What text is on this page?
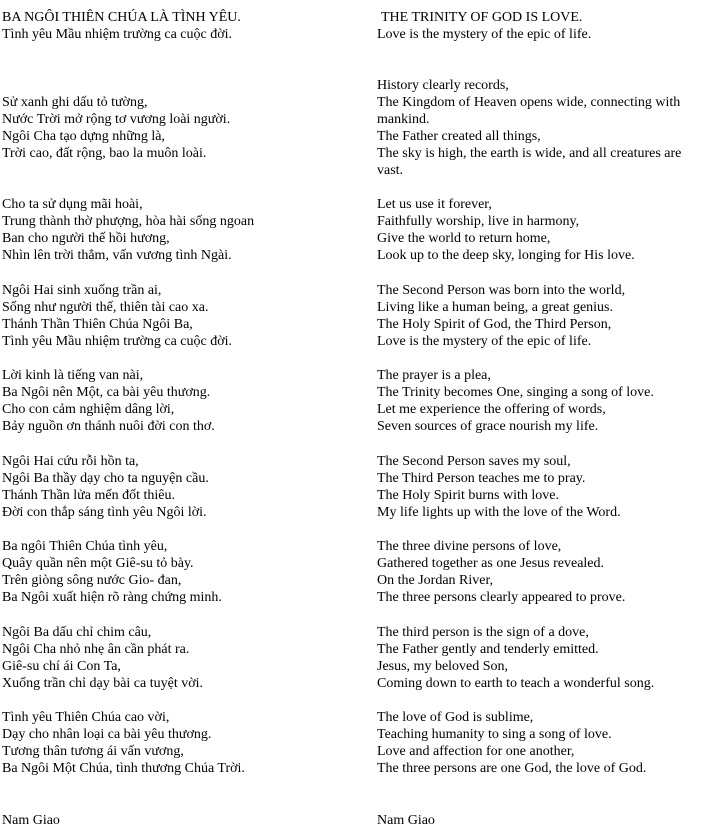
BA NGÔI THIÊN CHÚA LÀ TÌNH YÊU.
Tình yêu Mầu nhiệm trường ca cuộc đời.
Sử xanh ghi dấu tỏ tường,
Nước Trời mở rộng tơ vương loài người.
Ngôi Cha tạo dựng những là,
Trời cao, đất rộng, bao la muôn loài.
Cho ta sử dụng mãi hoài,
Trung thành thờ phượng, hòa hài sống ngoan
Ban cho người thế hồi hương,
Nhìn lên trời thẳm, vấn vương tình Ngài.
Ngôi Hai sinh xuống trần ai,
Sống như người thế, thiên tài cao xa.
Thánh Thần Thiên Chúa Ngôi Ba,
Tình yêu Mầu nhiệm trường ca cuộc đời.
Lời kinh là tiếng van nài,
Ba Ngôi nên Một, ca bài yêu thương.
Cho con cảm nghiệm dâng lời,
Bảy nguồn ơn thánh nuôi đời con thơ.
Ngôi Hai cứu rỗi hồn ta,
Ngôi Ba thầy dạy cho ta nguyện cầu.
Thánh Thần lửa mến đốt thiêu.
Đời con thắp sáng tình yêu Ngôi lời.
Ba ngôi Thiên Chúa tình yêu,
Quây quần nên một Giê-su tỏ bày.
Trên giòng sông nước Gio- đan,
Ba Ngôi xuất hiện rõ ràng chứng minh.
Ngôi Ba dấu chỉ chim câu,
Ngôi Cha nhỏ nhẹ ân cần phát ra.
Giê-su chí ái Con Ta,
Xuống trần chỉ dạy bài ca tuyệt vời.
Tình yêu Thiên Chúa cao vời,
Dạy cho nhân loại ca bài yêu thương.
Tương thân tương ái vấn vương,
Ba Ngôi Một Chúa, tình thương Chúa Trời.
Nam Giao
THE TRINITY OF GOD IS LOVE.
Love is the mystery of the epic of life.
History clearly records,
The Kingdom of Heaven opens wide, connecting with mankind.
The Father created all things,
The sky is high, the earth is wide, and all creatures are vast.
Let us use it forever,
Faithfully worship, live in harmony,
Give the world to return home,
Look up to the deep sky, longing for His love.
The Second Person was born into the world,
Living like a human being, a great genius.
The Holy Spirit of God, the Third Person,
Love is the mystery of the epic of life.
The prayer is a plea,
The Trinity becomes One, singing a song of love.
Let me experience the offering of words,
Seven sources of grace nourish my life.
The Second Person saves my soul,
The Third Person teaches me to pray.
The Holy Spirit burns with love.
My life lights up with the love of the Word.
The three divine persons of love,
Gathered together as one Jesus revealed.
On the Jordan River,
The three persons clearly appeared to prove.
The third person is the sign of a dove,
The Father gently and tenderly emitted.
Jesus, my beloved Son,
Coming down to earth to teach a wonderful song.
The love of God is sublime,
Teaching humanity to sing a song of love.
Love and affection for one another,
The three persons are one God, the love of God.
Nam Giao
